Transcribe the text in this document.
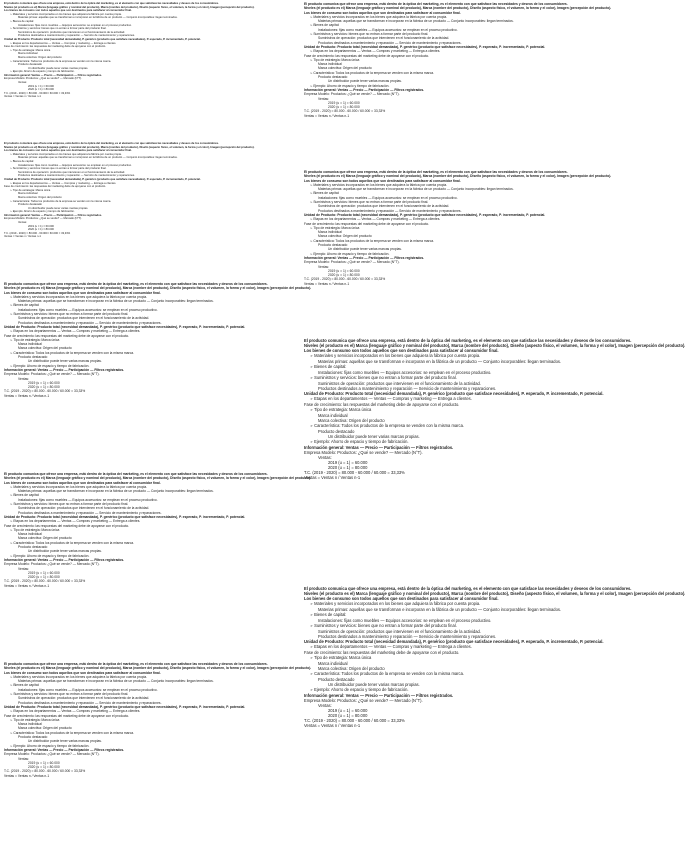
El producto comunica que ofrece una empresa, está dentro de la óptica del marketing, es el elemento con que satisface las necesidades y deseos de los consumidores.
Niveles (el producto es el) Marca (lenguaje gráfico y nominal del producto), Marca (nombre del producto), Diseño (aspecto físico, el volumen, la forma y el color), Imagen (percepción del producto).
Los bienes de consumo son todos aquellos que son destinados para satisfacer al consumidor final.
➢ Materiales y servicios incorporados en los bienes que adquiera la fábrica por cuenta propia.
Materias primas: aquellas que se transforman e incorporan en la fábrica de un producto — Conjunto incorporables: llegan terminados.
➢ Bienes de capital:
Instalaciones: fijas como muebles — Equipos accesorios: se emplean en el proceso productivo.
➢ Suministros y servicios: bienes que no entran a formar parte del producto final.
Suministros de operación: productos que intervienen en el funcionamiento de la actividad.
Productos destinados a mantenimiento y reparación — Servicio de mantenimiento y reparaciones.
Unidad de Producto: Producto total (necesidad demandada), P. genérico (producto que satisface necesidades), P. esperado, P. incrementado, P. potencial.
➢ Etapas en los departamentos — Ventas — Compras y marketing — Entrega a clientes.
Fase de crecimiento: las respuestas del marketing debe de apoyarse con el producto.
➢ Tipo de estrategia: Marca única
Marca individual
Marca colectiva: Origen del producto
➢ Característica: Todos los productos de la empresa se venden con la misma marca.
Producto destacado
Un distribuidor puede tener varias marcas propias.
➢ Ejemplo: Ahorro de espacio y tiempo de fabricación.
Información general: Ventas — Precio — Participación — Filtros registrados.
Empresa Modelo: Productos: ¿Qué se vende? — Mercado (N°T).
Ventas:
2019 (u = 1) = 60.000
2020 (u = 1) = 80.000
T.C. (2019 - 2020) = 80.000 - 60.000 / 60.000 = 33,33%
Ventas = Ventas n / Ventas n-1
El producto comunica que ofrece una empresa, está dentro de la óptica del marketing, es el elemento con que satisface las necesidades y deseos de los consumidores.
Niveles (el producto es el) Marca (lenguaje gráfico y nominal del producto), Marca (nombre del producto), Diseño (aspecto físico, el volumen, la forma y el color), Imagen (percepción del producto).
Los bienes de consumo son todos aquellos que son destinados para satisfacer al consumidor final.
➢ Materiales y servicios incorporados en los bienes que adquiera la fábrica por cuenta propia.
Materias primas: aquellas que se transforman e incorporan en la fábrica de un producto — Conjunto incorporables: llegan terminados.
➢ Bienes de capital:
Instalaciones: fijas como muebles — Equipos accesorios: se emplean en el proceso productivo.
➢ Suministros y servicios: bienes que no entran a formar parte del producto final.
Suministros de operación: productos que intervienen en el funcionamiento de la actividad.
Productos destinados a mantenimiento y reparación — Servicio de mantenimiento y reparaciones.
Unidad de Producto: Producto total (necesidad demandada), P. genérico (producto que satisface necesidades), P. esperado, P. incrementado, P. potencial.
➢ Etapas en los departamentos — Ventas — Compras y marketing — Entrega a clientes.
Fase de crecimiento: las respuestas del marketing debe de apoyarse con el producto.
➢ Tipo de estrategia: Marca única
Marca individual
Marca colectiva: Origen del producto
➢ Característica: Todos los productos de la empresa se venden con la misma marca.
Producto destacado
Un distribuidor puede tener varias marcas propias.
➢ Ejemplo: Ahorro de espacio y tiempo de fabricación.
Información general: Ventas — Precio — Participación — Filtros registrados.
Empresa Modelo: Productos: ¿Qué se vende? — Mercado (N°T).
Ventas:
2019 (u = 1) = 60.000
2020 (u = 1) = 80.000
T.C. (2019 - 2020) = 80.000 - 60.000 / 60.000 = 33,33%
Ventas = Ventas n / Ventas n-1
El producto comunica que ofrece una empresa, está dentro de la óptica del marketing, es el elemento con que satisface las necesidades y deseos de los consumidores.
Niveles (el producto es el) Marca (lenguaje gráfico y nominal del producto), Marca (nombre del producto), Diseño (aspecto físico, el volumen, la forma y el color), Imagen (percepción del producto).
Los bienes de consumo son todos aquellos que son destinados para satisfacer al consumidor final.
➢ Materiales y servicios incorporados en los bienes que adquiera la fábrica por cuenta propia.
Materias primas: aquellas que se transforman e incorporan en la fábrica de un producto — Conjunto incorporables: llegan terminados.
➢ Bienes de capital:
Instalaciones: fijas como muebles — Equipos accesorios: se emplean en el proceso productivo.
➢ Suministros y servicios: bienes que no entran a formar parte del producto final.
Suministros de operación: productos que intervienen en el funcionamiento de la actividad.
Productos destinados a mantenimiento y reparación — Servicio de mantenimiento y reparaciones.
Unidad de Producto: Producto total (necesidad demandada), P. genérico (producto que satisface necesidades), P. esperado, P. incrementado, P. potencial.
➢ Etapas en los departamentos — Ventas — Compras y marketing — Entrega a clientes.
Fase de crecimiento: las respuestas del marketing debe de apoyarse con el producto.
➢ Tipo de estrategia: Marca única
Marca individual
Marca colectiva: Origen del producto
➢ Característica: Todos los productos de la empresa se venden con la misma marca.
Producto destacado
Un distribuidor puede tener varias marcas propias.
➢ Ejemplo: Ahorro de espacio y tiempo de fabricación.
Información general: Ventas — Precio — Participación — Filtros registrados.
Empresa Modelo: Productos: ¿Qué se vende? — Mercado (N°T).
Ventas:
2019 (u = 1) = 60.000
2020 (u = 1) = 80.000
T.C. (2019 - 2020) = 80.000 - 60.000 / 60.000 = 33,33%
Ventas = Ventas n / Ventas n-1
El producto comunica que ofrece una empresa, está dentro de la óptica del marketing, es el elemento con que satisface las necesidades y deseos de los consumidores.
Niveles (el producto es el) Marca (lenguaje gráfico y nominal del producto), Marca (nombre del producto), Diseño (aspecto físico, el volumen, la forma y el color), Imagen (percepción del producto).
Los bienes de consumo son todos aquellos que son destinados para satisfacer al consumidor final.
➢ Materiales y servicios incorporados en los bienes que adquiera la fábrica por cuenta propia.
Materias primas: aquellas que se transforman e incorporan en la fábrica de un producto — Conjunto incorporables: llegan terminados.
➢ Bienes de capital:
Instalaciones: fijas como muebles — Equipos accesorios: se emplean en el proceso productivo.
➢ Suministros y servicios: bienes que no entran a formar parte del producto final.
Suministros de operación: productos que intervienen en el funcionamiento de la actividad.
Productos destinados a mantenimiento y reparación — Servicio de mantenimiento y reparaciones.
Unidad de Producto: Producto total (necesidad demandada), P. genérico (producto que satisface necesidades), P. esperado, P. incrementado, P. potencial.
➢ Etapas en los departamentos — Ventas — Compras y marketing — Entrega a clientes.
Fase de crecimiento: las respuestas del marketing debe de apoyarse con el producto.
➢ Tipo de estrategia: Marca única
Marca individual
Marca colectiva: Origen del producto
➢ Característica: Todos los productos de la empresa se venden con la misma marca.
Producto destacado
Un distribuidor puede tener varias marcas propias.
➢ Ejemplo: Ahorro de espacio y tiempo de fabricación.
Información general: Ventas — Precio — Participación — Filtros registrados.
Empresa Modelo: Productos: ¿Qué se vende? — Mercado (N°T).
Ventas:
2019 (u = 1) = 60.000
2020 (u = 1) = 80.000
T.C. (2019 - 2020) = 80.000 - 60.000 / 60.000 = 33,33%
Ventas = Ventas n / Ventas n-1
El producto comunica que ofrece una empresa, está dentro de la óptica del marketing, es el elemento con que satisface las necesidades y deseos de los consumidores.
Niveles (el producto es el) Marca (lenguaje gráfico y nominal del producto), Marca (nombre del producto), Diseño (aspecto físico, el volumen, la forma y el color), Imagen (percepción del producto).
Los bienes de consumo son todos aquellos que son destinados para satisfacer al consumidor final.
➢ Materiales y servicios incorporados en los bienes que adquiera la fábrica por cuenta propia.
Materias primas: aquellas que se transforman e incorporan en la fábrica de un producto — Conjunto incorporables: llegan terminados.
➢ Bienes de capital:
Instalaciones: fijas como muebles — Equipos accesorios: se emplean en el proceso productivo.
➢ Suministros y servicios: bienes que no entran a formar parte del producto final.
Suministros de operación: productos que intervienen en el funcionamiento de la actividad.
Productos destinados a mantenimiento y reparación — Servicio de mantenimiento y reparaciones.
Unidad de Producto: Producto total (necesidad demandada), P. genérico (producto que satisface necesidades), P. esperado, P. incrementado, P. potencial.
➢ Etapas en los departamentos — Ventas — Compras y marketing — Entrega a clientes.
Fase de crecimiento: las respuestas del marketing debe de apoyarse con el producto.
➢ Tipo de estrategia: Marca única
Marca individual
Marca colectiva: Origen del producto
➢ Característica: Todos los productos de la empresa se venden con la misma marca.
Producto destacado
Un distribuidor puede tener varias marcas propias.
➢ Ejemplo: Ahorro de espacio y tiempo de fabricación.
Información general: Ventas — Precio — Participación — Filtros registrados.
Empresa Modelo: Productos: ¿Qué se vende? — Mercado (N°T).
Ventas:
2019 (u = 1) = 60.000
2020 (u = 1) = 80.000
T.C. (2019 - 2020) = 80.000 - 60.000 / 60.000 = 33,33%
Ventas = Ventas n / Ventas n-1
El producto comunica que ofrece una empresa, está dentro de la óptica del marketing, es el elemento con que satisface las necesidades y deseos de los consumidores.
Niveles (el producto es el) Marca (lenguaje gráfico y nominal del producto), Marca (nombre del producto), Diseño (aspecto físico, el volumen, la forma y el color), Imagen (percepción del producto).
Los bienes de consumo son todos aquellos que son destinados para satisfacer al consumidor final.
➢ Materiales y servicios incorporados en los bienes que adquiera la fábrica por cuenta propia.
Materias primas: aquellas que se transforman e incorporan en la fábrica de un producto — Conjunto incorporables: llegan terminados.
➢ Bienes de capital:
Instalaciones: fijas como muebles — Equipos accesorios: se emplean en el proceso productivo.
➢ Suministros y servicios: bienes que no entran a formar parte del producto final.
Suministros de operación: productos que intervienen en el funcionamiento de la actividad.
Productos destinados a mantenimiento y reparación — Servicio de mantenimiento y reparaciones.
Unidad de Producto: Producto total (necesidad demandada), P. genérico (producto que satisface necesidades), P. esperado, P. incrementado, P. potencial.
➢ Etapas en los departamentos — Ventas — Compras y marketing — Entrega a clientes.
Fase de crecimiento: las respuestas del marketing debe de apoyarse con el producto.
➢ Tipo de estrategia: Marca única
Marca individual
Marca colectiva: Origen del producto
➢ Característica: Todos los productos de la empresa se venden con la misma marca.
Producto destacado
Un distribuidor puede tener varias marcas propias.
➢ Ejemplo: Ahorro de espacio y tiempo de fabricación.
Información general: Ventas — Precio — Participación — Filtros registrados.
Empresa Modelo: Productos: ¿Qué se vende? — Mercado (N°T).
Ventas:
2019 (u = 1) = 60.000
2020 (u = 1) = 80.000
T.C. (2019 - 2020) = 80.000 - 60.000 / 60.000 = 33,33%
Ventas = Ventas n / Ventas n-1
El producto comunica que ofrece una empresa, está dentro de la óptica del marketing, es el elemento con que satisface las necesidades y deseos de los consumidores.
Niveles (el producto es el) Marca (lenguaje gráfico y nominal del producto), Marca (nombre del producto), Diseño (aspecto físico, el volumen, la forma y el color), Imagen (percepción del producto).
Los bienes de consumo son todos aquellos que son destinados para satisfacer al consumidor final.
➢ Materiales y servicios incorporados en los bienes que adquiera la fábrica por cuenta propia.
Materias primas: aquellas que se transforman e incorporan en la fábrica de un producto — Conjunto incorporables: llegan terminados.
➢ Bienes de capital:
Instalaciones: fijas como muebles — Equipos accesorios: se emplean en el proceso productivo.
➢ Suministros y servicios: bienes que no entran a formar parte del producto final.
Suministros de operación: productos que intervienen en el funcionamiento de la actividad.
Productos destinados a mantenimiento y reparación — Servicio de mantenimiento y reparaciones.
Unidad de Producto: Producto total (necesidad demandada), P. genérico (producto que satisface necesidades), P. esperado, P. incrementado, P. potencial.
➢ Etapas en los departamentos — Ventas — Compras y marketing — Entrega a clientes.
Fase de crecimiento: las respuestas del marketing debe de apoyarse con el producto.
➢ Tipo de estrategia: Marca única
Marca individual
Marca colectiva: Origen del producto
➢ Característica: Todos los productos de la empresa se venden con la misma marca.
Producto destacado
Un distribuidor puede tener varias marcas propias.
➢ Ejemplo: Ahorro de espacio y tiempo de fabricación.
Información general: Ventas — Precio — Participación — Filtros registrados.
Empresa Modelo: Productos: ¿Qué se vende? — Mercado (N°T).
Ventas:
2019 (u = 1) = 60.000
2020 (u = 1) = 80.000
T.C. (2019 - 2020) = 80.000 - 60.000 / 60.000 = 33,33%
Ventas = Ventas n / Ventas n-1
El producto comunica que ofrece una empresa, está dentro de la óptica del marketing, es el elemento con que satisface las necesidades y deseos de los consumidores.
Niveles (el producto es el) Marca (lenguaje gráfico y nominal del producto), Marca (nombre del producto), Diseño (aspecto físico, el volumen, la forma y el color), Imagen (percepción del producto).
Los bienes de consumo son todos aquellos que son destinados para satisfacer al consumidor final.
➢ Materiales y servicios incorporados en los bienes que adquiera la fábrica por cuenta propia.
Materias primas: aquellas que se transforman e incorporan en la fábrica de un producto — Conjunto incorporables: llegan terminados.
➢ Bienes de capital:
Instalaciones: fijas como muebles — Equipos accesorios: se emplean en el proceso productivo.
➢ Suministros y servicios: bienes que no entran a formar parte del producto final.
Suministros de operación: productos que intervienen en el funcionamiento de la actividad.
Productos destinados a mantenimiento y reparación — Servicio de mantenimiento y reparaciones.
Unidad de Producto: Producto total (necesidad demandada), P. genérico (producto que satisface necesidades), P. esperado, P. incrementado, P. potencial.
➢ Etapas en los departamentos — Ventas — Compras y marketing — Entrega a clientes.
Fase de crecimiento: las respuestas del marketing debe de apoyarse con el producto.
➢ Tipo de estrategia: Marca única
Marca individual
Marca colectiva: Origen del producto
➢ Característica: Todos los productos de la empresa se venden con la misma marca.
Producto destacado
Un distribuidor puede tener varias marcas propias.
➢ Ejemplo: Ahorro de espacio y tiempo de fabricación.
Información general: Ventas — Precio — Participación — Filtros registrados.
Empresa Modelo: Productos: ¿Qué se vende? — Mercado (N°T).
Ventas:
2019 (u = 1) = 60.000
2020 (u = 1) = 80.000
T.C. (2019 - 2020) = 80.000 - 60.000 / 60.000 = 33,33%
Ventas = Ventas n / Ventas n-1
El producto comunica que ofrece una empresa, está dentro de la óptica del marketing, es el elemento con que satisface las necesidades y deseos de los consumidores.
Niveles (el producto es el) Marca (lenguaje gráfico y nominal del producto), Marca (nombre del producto), Diseño (aspecto físico, el volumen, la forma y el color), Imagen (percepción del producto).
Los bienes de consumo son todos aquellos que son destinados para satisfacer al consumidor final.
➢ Materiales y servicios incorporados en los bienes que adquiera la fábrica por cuenta propia.
Materias primas: aquellas que se transforman e incorporan en la fábrica de un producto — Conjunto incorporables: llegan terminados.
➢ Bienes de capital:
Instalaciones: fijas como muebles — Equipos accesorios: se emplean en el proceso productivo.
➢ Suministros y servicios: bienes que no entran a formar parte del producto final.
Suministros de operación: productos que intervienen en el funcionamiento de la actividad.
Productos destinados a mantenimiento y reparación — Servicio de mantenimiento y reparaciones.
Unidad de Producto: Producto total (necesidad demandada), P. genérico (producto que satisface necesidades), P. esperado, P. incrementado, P. potencial.
➢ Etapas en los departamentos — Ventas — Compras y marketing — Entrega a clientes.
Fase de crecimiento: las respuestas del marketing debe de apoyarse con el producto.
➢ Tipo de estrategia: Marca única
Marca individual
Marca colectiva: Origen del producto
➢ Característica: Todos los productos de la empresa se venden con la misma marca.
Producto destacado
Un distribuidor puede tener varias marcas propias.
➢ Ejemplo: Ahorro de espacio y tiempo de fabricación.
Información general: Ventas — Precio — Participación — Filtros registrados.
Empresa Modelo: Productos: ¿Qué se vende? — Mercado (N°T).
Ventas:
2019 (u = 1) = 60.000
2020 (u = 1) = 80.000
T.C. (2019 - 2020) = 80.000 - 60.000 / 60.000 = 33,33%
Ventas = Ventas n / Ventas n-1
